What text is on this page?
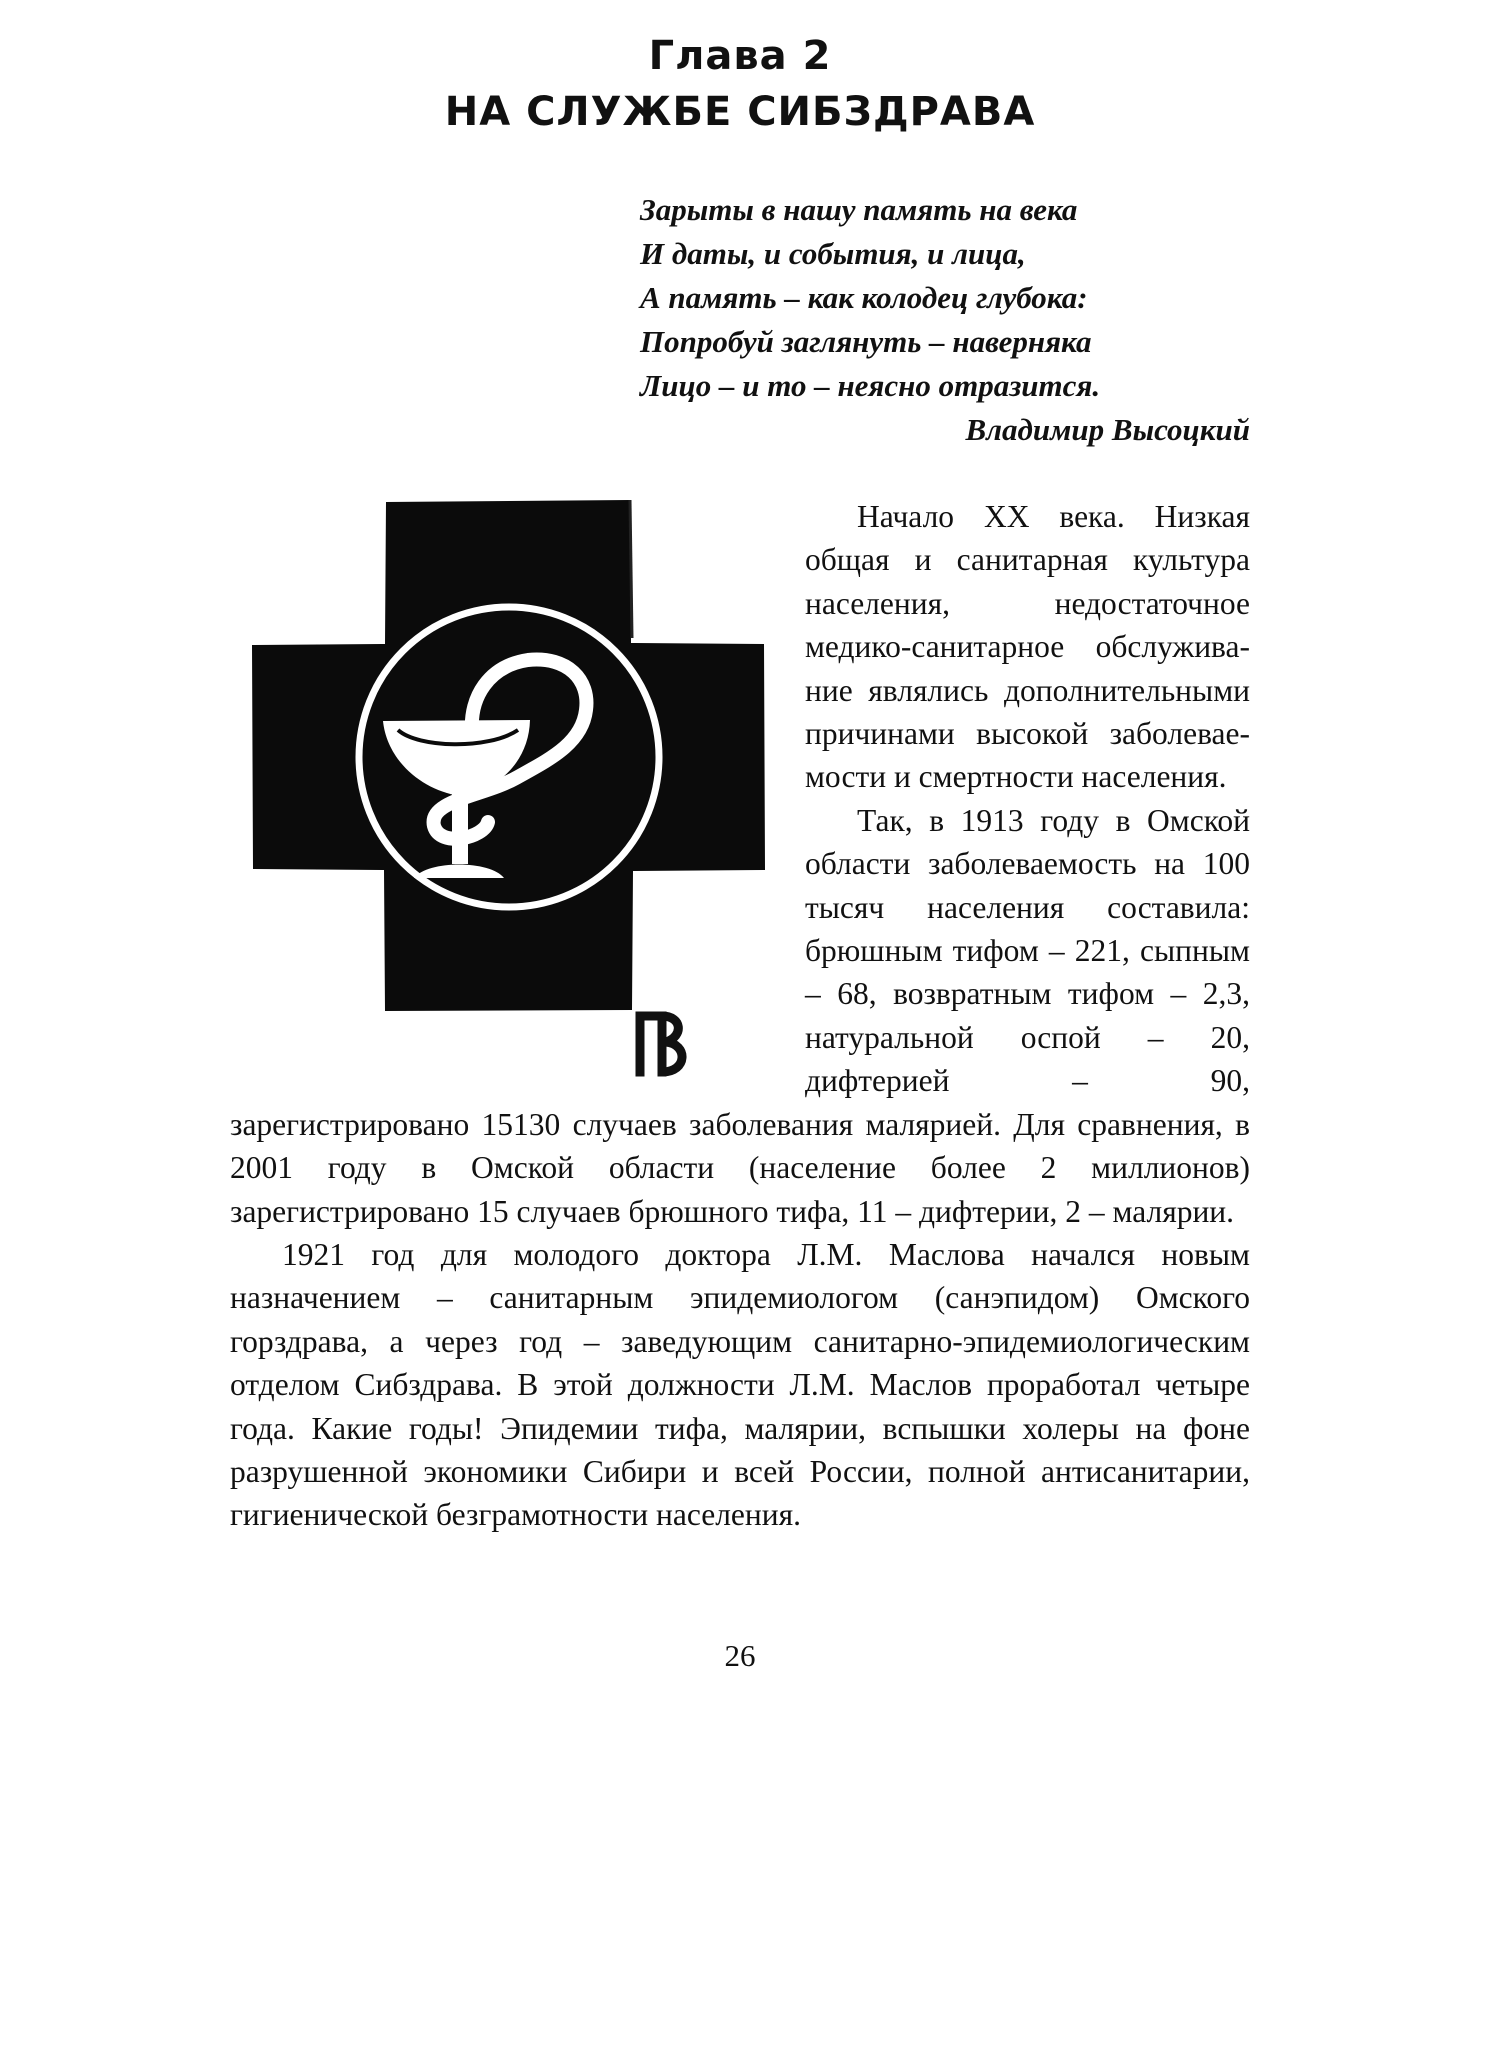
Глава 2
НА СЛУЖБЕ СИБЗДРАВА
Зарыты в нашу память на века
И даты, и события, и лица,
А память – как колодец глубока:
Попробуй заглянуть – наверняка
Лицо – и то – неясно отразится.
Владимир Высоцкий

Начало XX века. Низкая общая и санитарная культура населения, недостаточное медико-санитарное обслуживание являлись дополнительными причинами высокой заболеваемости и смертности населения.

Так, в 1913 году в Омской области заболеваемость на 100 тысяч населения составила: брюшным тифом – 221, сыпным – 68, возвратным тифом – 2,3, натуральной оспой – 20, дифтерией – 90, зарегистрировано 15130 случаев заболевания малярией. Для сравнения, в 2001 году в Омской области (население более 2 миллионов) зарегистрировано 15 случаев брюшного тифа, 11 – дифтерии, 2 – малярии.

1921 год для молодого доктора Л.М. Маслова начался новым назначением – санитарным эпидемиологом (санэпидом) Омского горздрава, а через год – заведующим санитарно-эпидемиологическим отделом Сибздрава. В этой должности Л.М. Маслов проработал четыре года. Какие годы! Эпидемии тифа, малярии, вспышки холеры на фоне разрушенной экономики Сибири и всей России, полной антисанитарии, гигиенической безграмотности населения.

26
